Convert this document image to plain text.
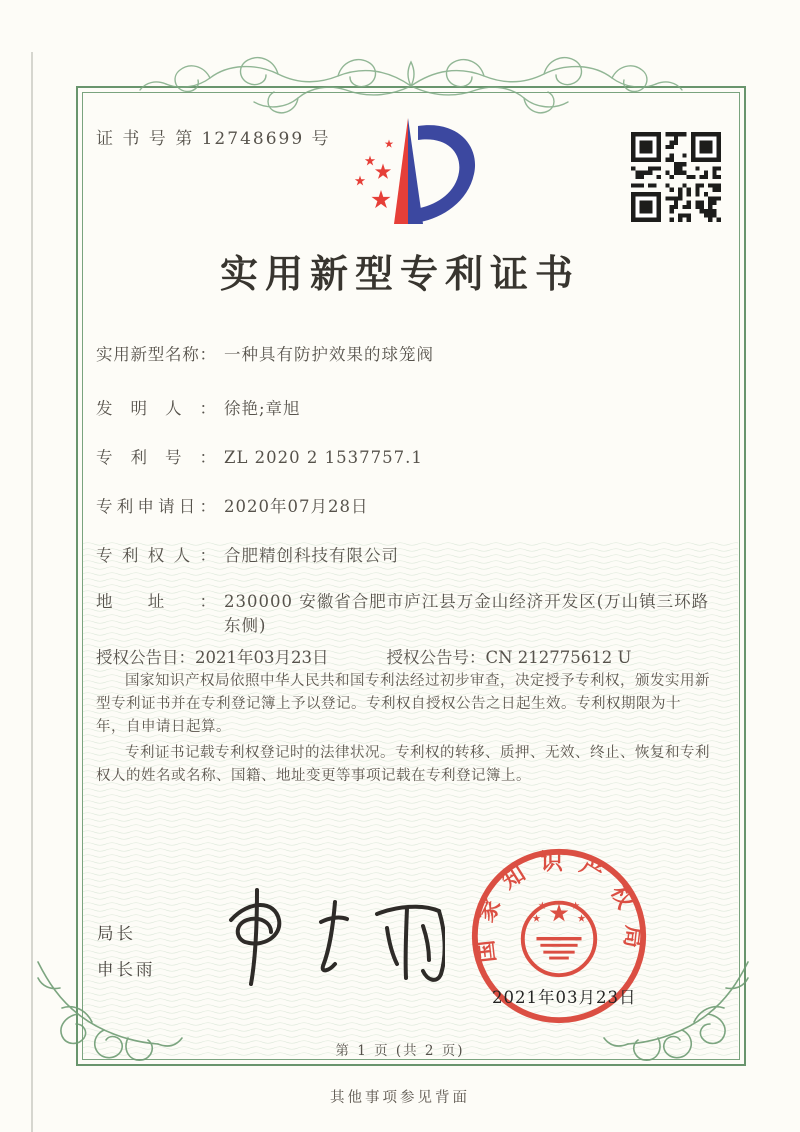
证 书 号 第 12748699 号
实用新型专利证书
实用新型名称： 一种具有防护效果的球笼阀
发明人： 徐艳;章旭
专利号： ZL 2020 2 1537757.1
专利申请日： 2020年07月28日
专利权人： 合肥精创科技有限公司
地址： 230000 安徽省合肥市庐江县万金山经济开发区(万山镇三环路东侧)
授权公告日： 2021年03月23日	授权公告号：CN 212775612 U

国家知识产权局依照中华人民共和国专利法经过初步审查，决定授予专利权，颁发实用新型专利证书并在专利登记簿上予以登记。专利权自授权公告之日起生效。专利权期限为十年，自申请日起算。

专利证书记载专利权登记时的法律状况。专利权的转移、质押、无效、终止、恢复和专利权人的姓名或名称、国籍、地址变更等事项记载在专利登记簿上。

局长
申长雨
国家知识产权局
2021年03月23日
第 1 页 (共 2 页)
其他事项参见背面
